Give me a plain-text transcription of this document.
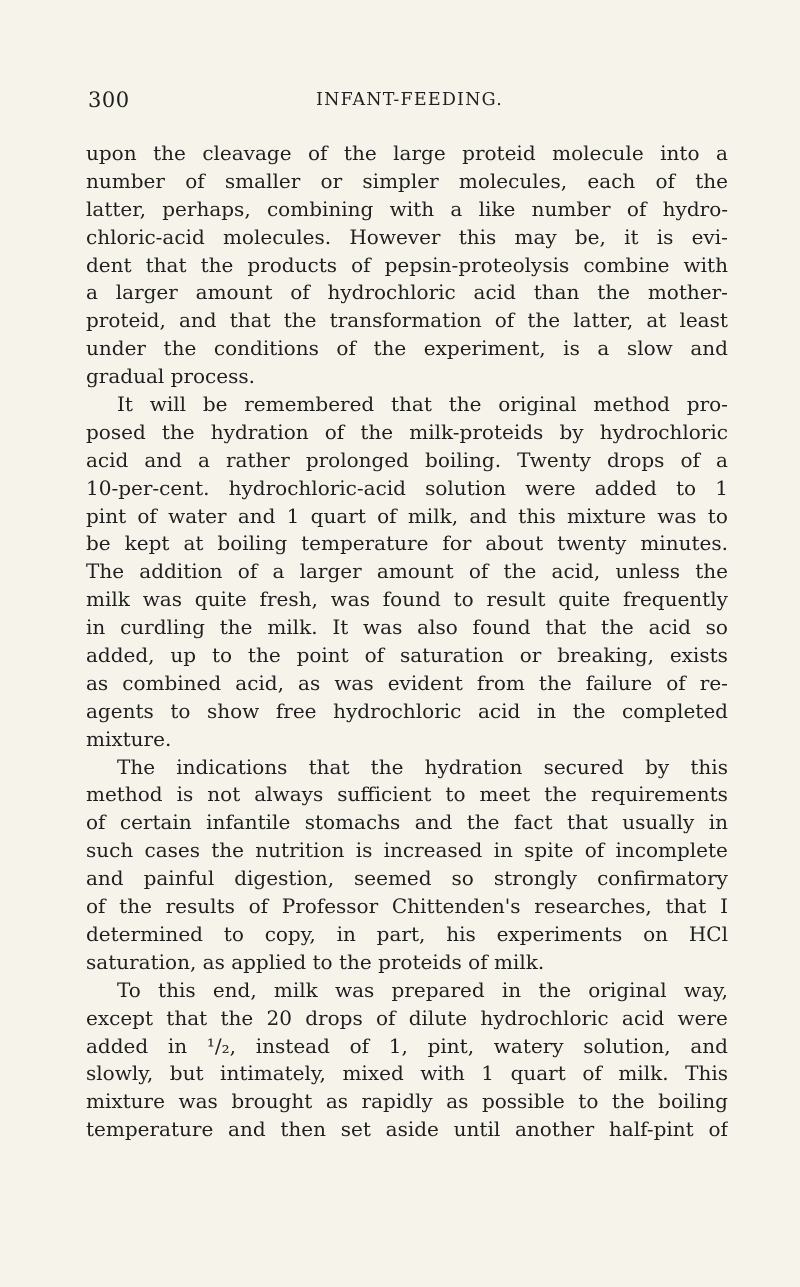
300	INFANT-FEEDING.
upon the cleavage of the large proteid molecule into a
number of smaller or simpler molecules, each of the
latter, perhaps, combining with a like number of hydro-
chloric-acid molecules. However this may be, it is evi-
dent that the products of pepsin-proteolysis combine with
a larger amount of hydrochloric acid than the mother-
proteid, and that the transformation of the latter, at least
under the conditions of the experiment, is a slow and
gradual process.
It will be remembered that the original method pro-
posed the hydration of the milk-proteids by hydrochloric
acid and a rather prolonged boiling. Twenty drops of a
10-per-cent. hydrochloric-acid solution were added to 1
pint of water and 1 quart of milk, and this mixture was to
be kept at boiling temperature for about twenty minutes.
The addition of a larger amount of the acid, unless the
milk was quite fresh, was found to result quite frequently
in curdling the milk. It was also found that the acid so
added, up to the point of saturation or breaking, exists
as combined acid, as was evident from the failure of re-
agents to show free hydrochloric acid in the completed
mixture.
The indications that the hydration secured by this
method is not always sufficient to meet the requirements
of certain infantile stomachs and the fact that usually in
such cases the nutrition is increased in spite of incomplete
and painful digestion, seemed so strongly confirmatory
of the results of Professor Chittenden's researches, that I
determined to copy, in part, his experiments on HCl
saturation, as applied to the proteids of milk.
To this end, milk was prepared in the original way,
except that the 20 drops of dilute hydrochloric acid were
added in ¹/₂, instead of 1, pint, watery solution, and
slowly, but intimately, mixed with 1 quart of milk. This
mixture was brought as rapidly as possible to the boiling
temperature and then set aside until another half-pint of
